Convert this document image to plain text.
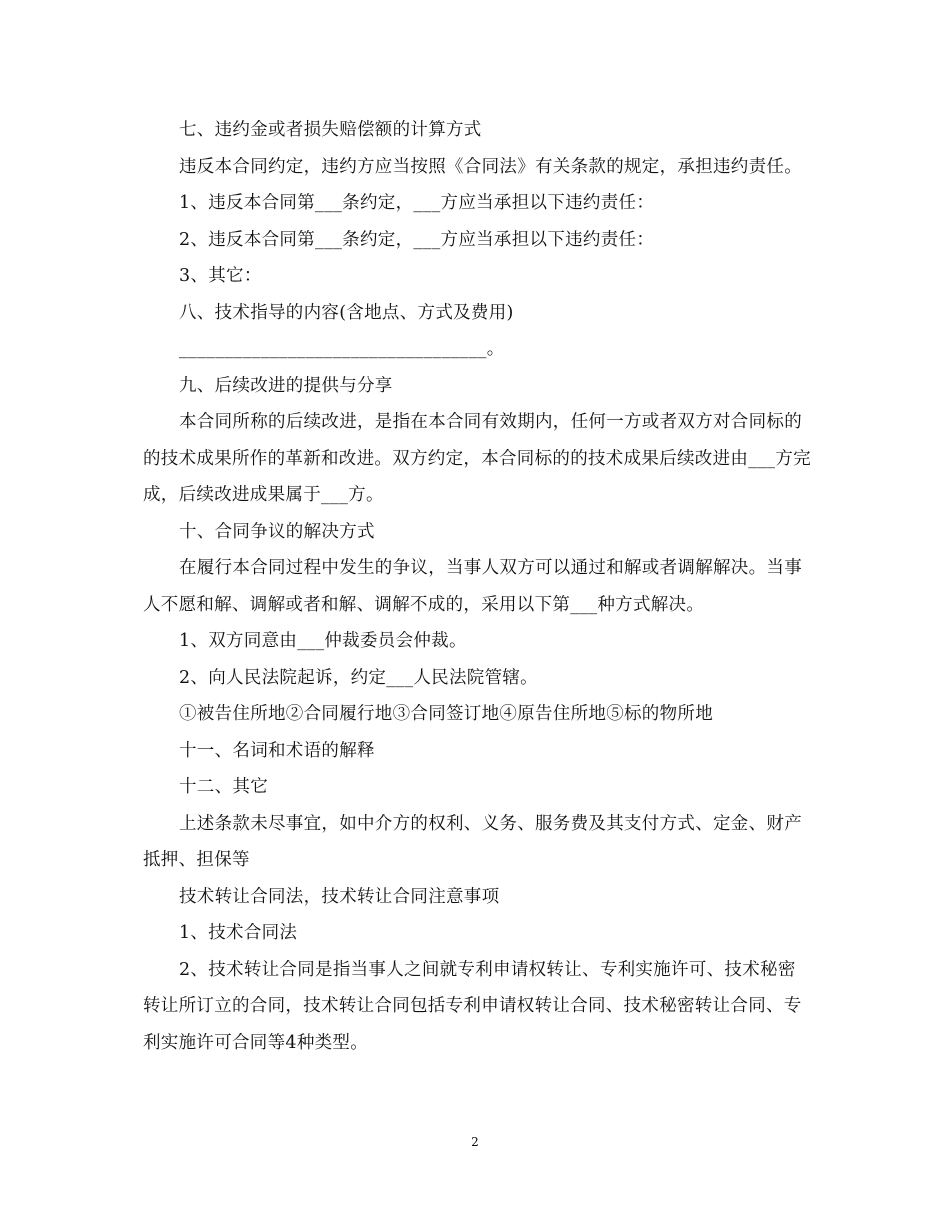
七、违约金或者损失赔偿额的计算方式

违反本合同约定，违约方应当按照《合同法》有关条款的规定，承担违约责任。

1、违反本合同第___条约定，___方应当承担以下违约责任：

2、违反本合同第___条约定，___方应当承担以下违约责任：

3、其它：

八、技术指导的内容(含地点、方式及费用)

__________________________________。

九、后续改进的提供与分享

本合同所称的后续改进，是指在本合同有效期内，任何一方或者双方对合同标的的技术成果所作的革新和改进。双方约定，本合同标的的技术成果后续改进由___方完成，后续改进成果属于___方。

十、合同争议的解决方式

在履行本合同过程中发生的争议，当事人双方可以通过和解或者调解解决。当事人不愿和解、调解或者和解、调解不成的，采用以下第___种方式解决。

1、双方同意由___仲裁委员会仲裁。

2、向人民法院起诉，约定___人民法院管辖。

①被告住所地②合同履行地③合同签订地④原告住所地⑤标的物所地

十一、名词和术语的解释

十二、其它

上述条款未尽事宜，如中介方的权利、义务、服务费及其支付方式、定金、财产抵押、担保等

技术转让合同法，技术转让合同注意事项

1、技术合同法

2、技术转让合同是指当事人之间就专利申请权转让、专利实施许可、技术秘密转让所订立的合同，技术转让合同包括专利申请权转让合同、技术秘密转让合同、专利实施许可合同等4种类型。

2
